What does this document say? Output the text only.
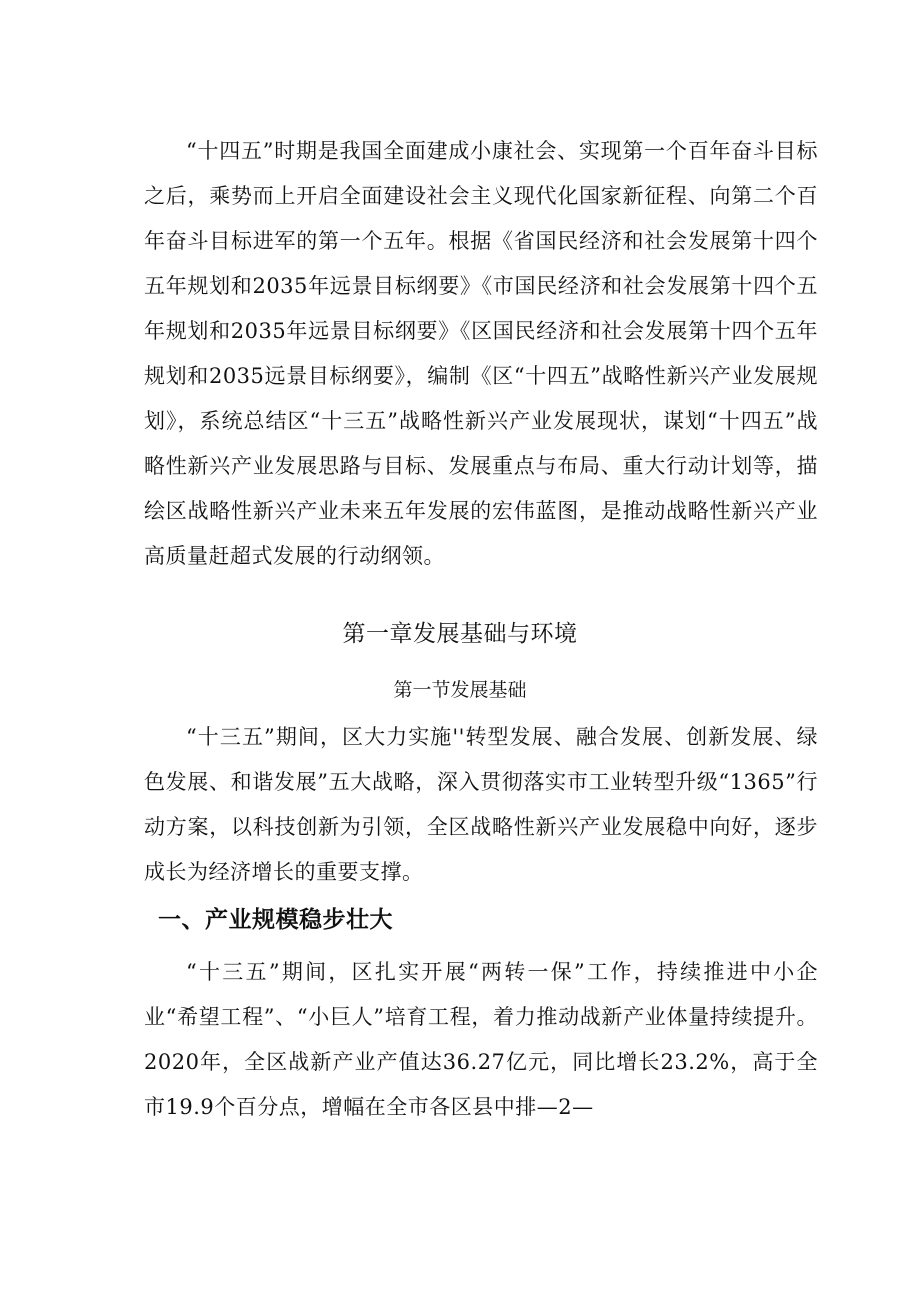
“十四五”时期是我国全面建成小康社会、实现第一个百年奋斗目标之后，乘势而上开启全面建设社会主义现代化国家新征程、向第二个百年奋斗目标进军的第一个五年。根据《省国民经济和社会发展第十四个五年规划和2035年远景目标纲要》《市国民经济和社会发展第十四个五年规划和2035年远景目标纲要》《区国民经济和社会发展第十四个五年规划和2035远景目标纲要》，编制《区“十四五”战略性新兴产业发展规划》，系统总结区“十三五”战略性新兴产业发展现状，谋划“十四五”战略性新兴产业发展思路与目标、发展重点与布局、重大行动计划等，描绘区战略性新兴产业未来五年发展的宏伟蓝图，是推动战略性新兴产业高质量赶超式发展的行动纲领。

第一章发展基础与环境
第一节发展基础

“十三五”期间，区大力实施''转型发展、融合发展、创新发展、绿色发展、和谐发展”五大战略，深入贯彻落实市工业转型升级“1365”行动方案，以科技创新为引领，全区战略性新兴产业发展稳中向好，逐步成长为经济增长的重要支撑。

一、产业规模稳步壮大

“十三五”期间，区扎实开展“两转一保”工作，持续推进中小企业“希望工程”、“小巨人”培育工程，着力推动战新产业体量持续提升。2020年，全区战新产业产值达36.27亿元，同比增长23.2%，高于全市19.9个百分点，增幅在全市各区县中排—2—
